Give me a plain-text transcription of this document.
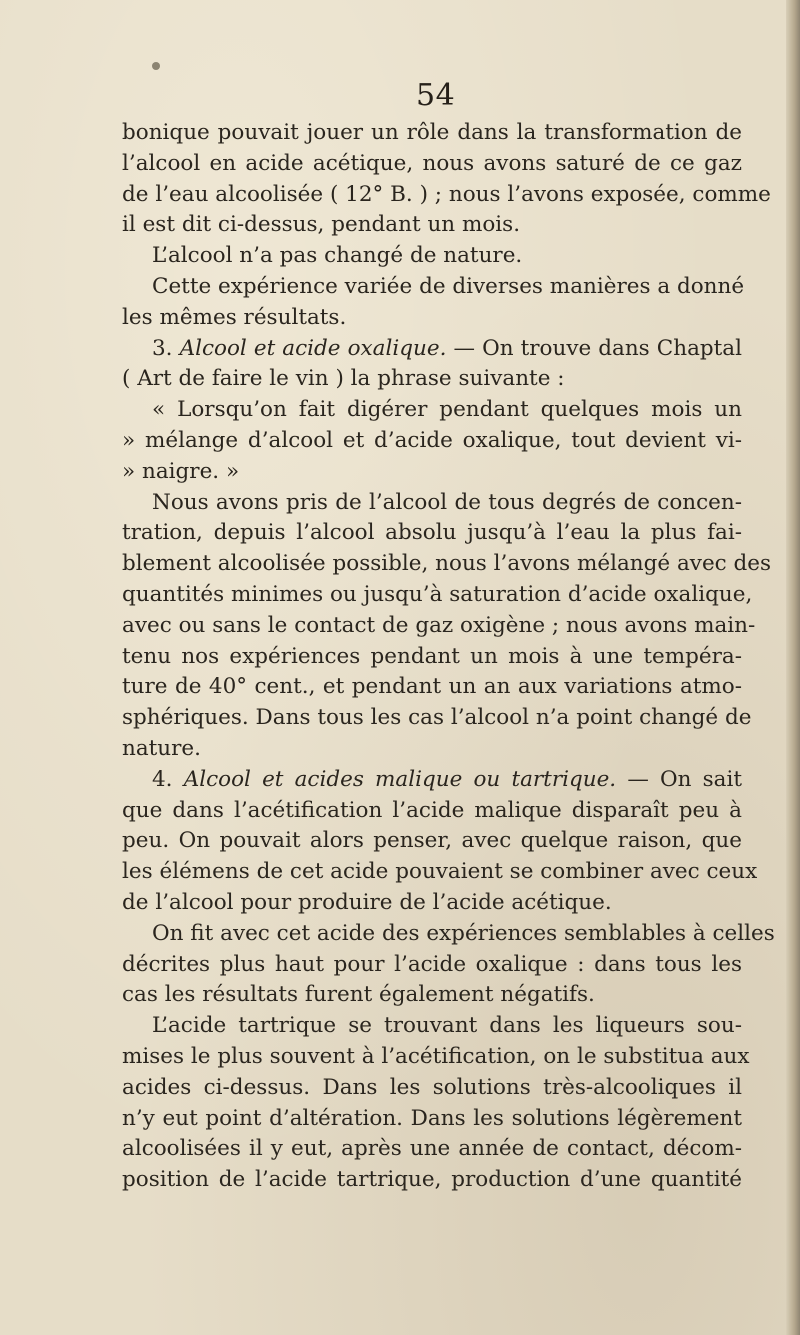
54
bonique pouvait jouer un rôle dans la transformation de
l’alcool en acide acétique, nous avons saturé de ce gaz
de l’eau alcoolisée ( 12° B. ) ; nous l’avons exposée, comme
il est dit ci-dessus, pendant un mois.
L’alcool n’a pas changé de nature.
Cette expérience variée de diverses manières a donné
les mêmes résultats.
3. Alcool et acide oxalique. — On trouve dans Chaptal
( Art de faire le vin ) la phrase suivante :
« Lorsqu’on fait digérer pendant quelques mois un
» mélange d’alcool et d’acide oxalique, tout devient vi-
» naigre. »
Nous avons pris de l’alcool de tous degrés de concen-
tration, depuis l’alcool absolu jusqu’à l’eau la plus fai-
blement alcoolisée possible, nous l’avons mélangé avec des
quantités minimes ou jusqu’à saturation d’acide oxalique,
avec ou sans le contact de gaz oxigène ; nous avons main-
tenu nos expériences pendant un mois à une tempéra-
ture de 40° cent., et pendant un an aux variations atmo-
sphériques. Dans tous les cas l’alcool n’a point changé de
nature.
4. Alcool et acides malique ou tartrique. — On sait
que dans l’acétification l’acide malique disparaît peu à
peu. On pouvait alors penser, avec quelque raison, que
les élémens de cet acide pouvaient se combiner avec ceux
de l’alcool pour produire de l’acide acétique.
On fit avec cet acide des expériences semblables à celles
décrites plus haut pour l’acide oxalique : dans tous les
cas les résultats furent également négatifs.
L’acide tartrique se trouvant dans les liqueurs sou-
mises le plus souvent à l’acétification, on le substitua aux
acides ci-dessus. Dans les solutions très-alcooliques il
n’y eut point d’altération. Dans les solutions légèrement
alcoolisées il y eut, après une année de contact, décom-
position de l’acide tartrique, production d’une quantité
